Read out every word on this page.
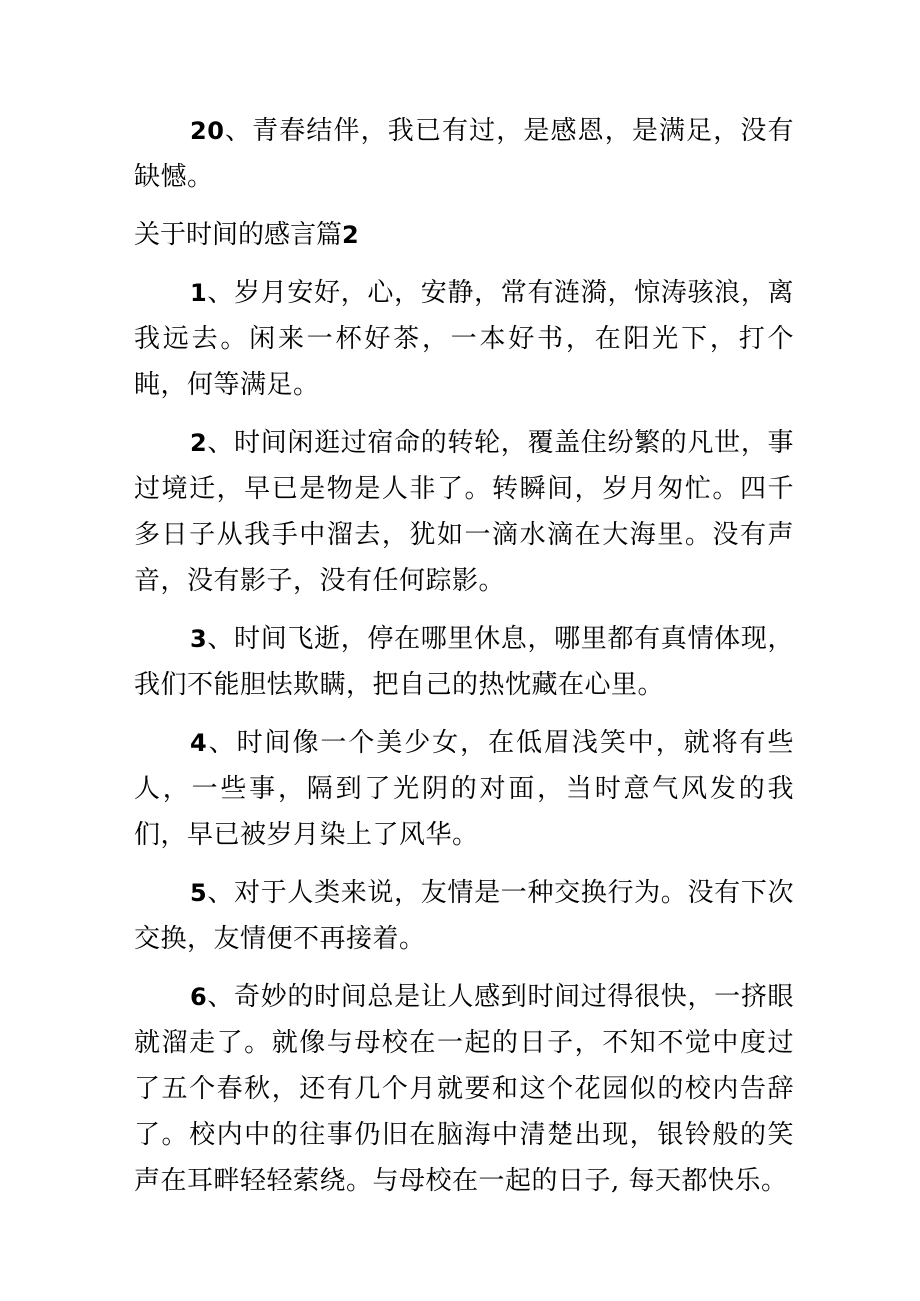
20、青春结伴，我已有过，是感恩，是满足，没有缺憾。

关于时间的感言篇2

1、岁月安好，心，安静，常有涟漪，惊涛骇浪，离我远去。闲来一杯好茶，一本好书，在阳光下，打个盹，何等满足。

2、时间闲逛过宿命的转轮，覆盖住纷繁的凡世，事过境迁，早已是物是人非了。转瞬间，岁月匆忙。四千多日子从我手中溜去，犹如一滴水滴在大海里。没有声音，没有影子，没有任何踪影。

3、时间飞逝，停在哪里休息，哪里都有真情体现，我们不能胆怯欺瞒，把自己的热忱藏在心里。

4、时间像一个美少女，在低眉浅笑中，就将有些人，一些事，隔到了光阴的对面，当时意气风发的我们，早已被岁月染上了风华。

5、对于人类来说，友情是一种交换行为。没有下次交换，友情便不再接着。

6、奇妙的时间总是让人感到时间过得很快，一挤眼就溜走了。就像与母校在一起的日子，不知不觉中度过了五个春秋，还有几个月就要和这个花园似的校内告辞了。校内中的往事仍旧在脑海中清楚出现，银铃般的笑声在耳畔轻轻萦绕。与母校在一起的日子, 每天都快乐。
